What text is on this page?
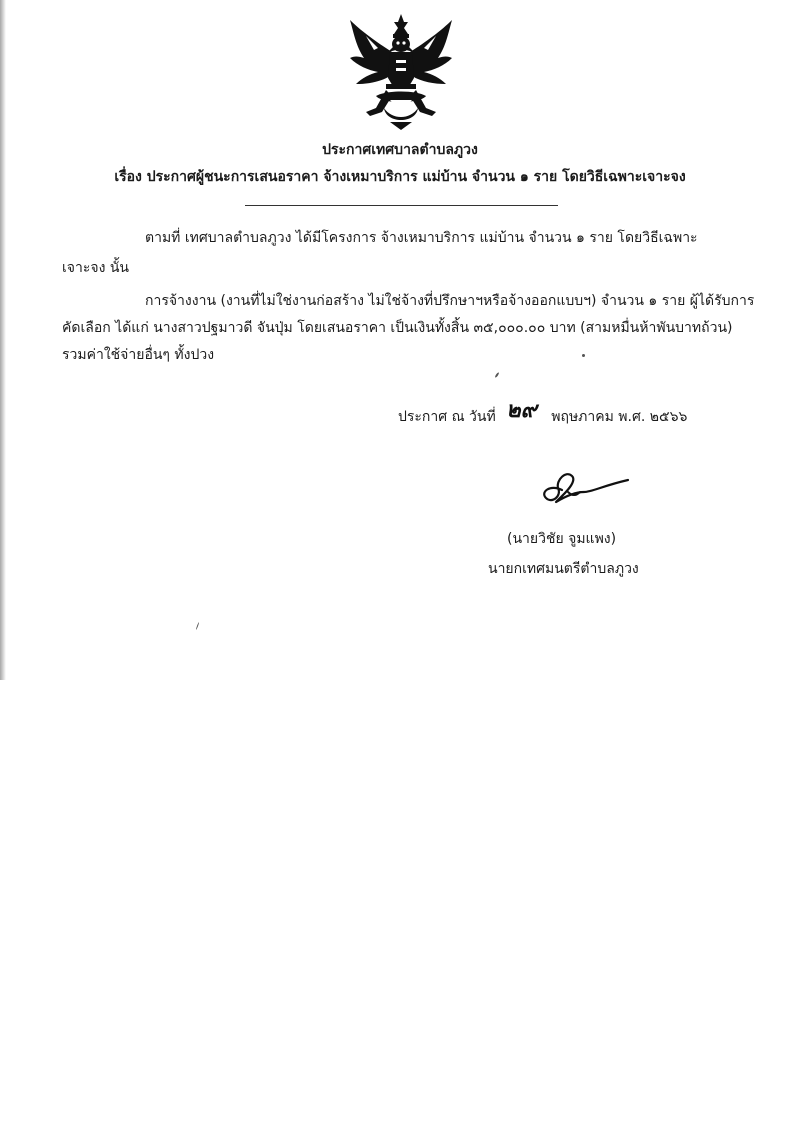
ประกาศเทศบาลตำบลภูวง
เรื่อง ประกาศผู้ชนะการเสนอราคา จ้างเหมาบริการ แม่บ้าน จำนวน ๑ ราย โดยวิธีเฉพาะเจาะจง
ตามที่ เทศบาลตำบลภูวง ได้มีโครงการ จ้างเหมาบริการ แม่บ้าน จำนวน ๑ ราย โดยวิธีเฉพาะ
เจาะจง นั้น
การจ้างงาน (งานที่ไม่ใช่งานก่อสร้าง ไม่ใช่จ้างที่ปรึกษาฯหรือจ้างออกแบบฯ) จำนวน ๑ ราย ผู้ได้รับการ
คัดเลือก ได้แก่ นางสาวปฐมาวดี จันปุ่ม โดยเสนอราคา เป็นเงินทั้งสิ้น ๓๕,๐๐๐.๐๐ บาท (สามหมื่นห้าพันบาทถ้วน)
รวมค่าใช้จ่ายอื่นๆ ทั้งปวง
ประกาศ ณ วันที่ ๒๙ พฤษภาคม พ.ศ. ๒๕๖๖
(นายวิชัย จูมแพง)
นายกเทศมนตรีตำบลภูวง
